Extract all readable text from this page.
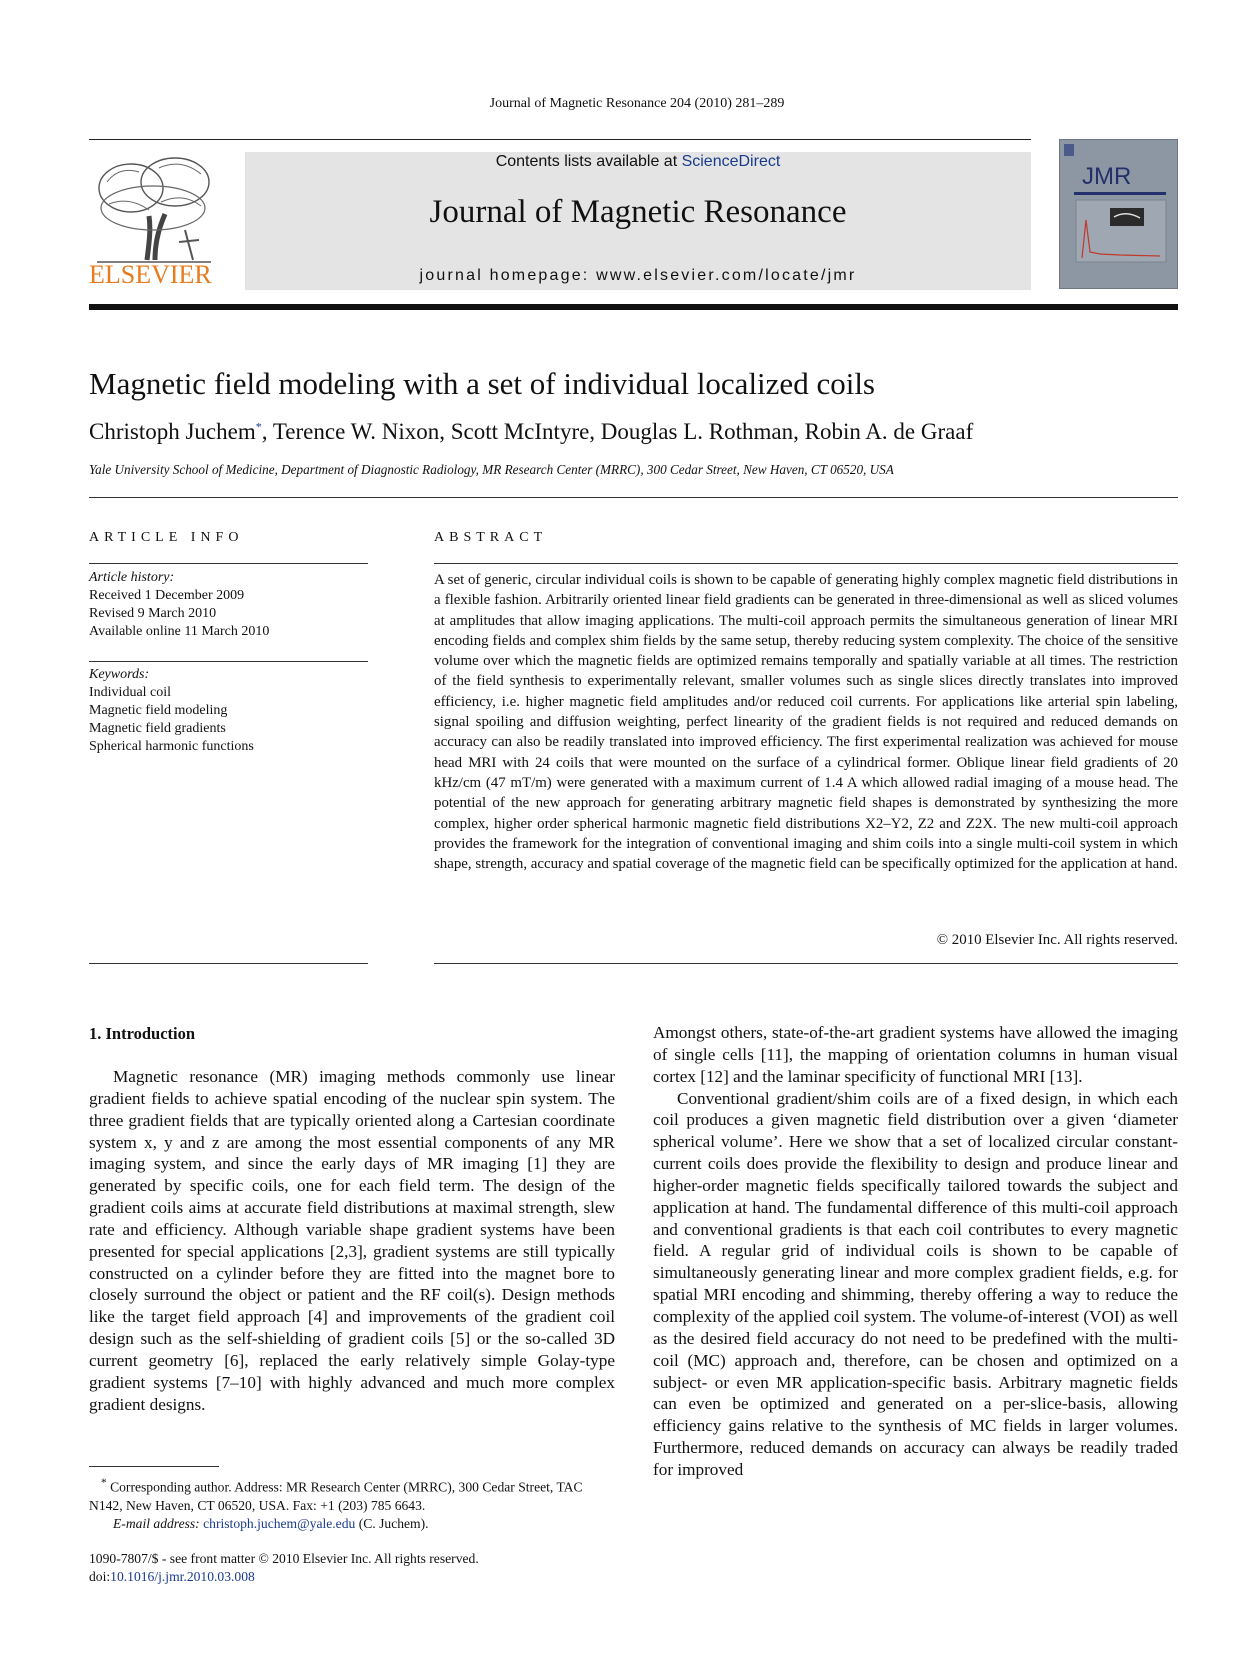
Journal of Magnetic Resonance 204 (2010) 281–289
ELSEVIER
Contents lists available at ScienceDirect
Journal of Magnetic Resonance
journal homepage: www.elsevier.com/locate/jmr
JMR
Magnetic field modeling with a set of individual localized coils
Christoph Juchem*, Terence W. Nixon, Scott McIntyre, Douglas L. Rothman, Robin A. de Graaf
Yale University School of Medicine, Department of Diagnostic Radiology, MR Research Center (MRRC), 300 Cedar Street, New Haven, CT 06520, USA
ARTICLE INFO
Article history:
Received 1 December 2009
Revised 9 March 2010
Available online 11 March 2010
Keywords:
Individual coil
Magnetic field modeling
Magnetic field gradients
Spherical harmonic functions
ABSTRACT
A set of generic, circular individual coils is shown to be capable of generating highly complex magnetic field distributions in a flexible fashion. Arbitrarily oriented linear field gradients can be generated in three-dimensional as well as sliced volumes at amplitudes that allow imaging applications. The multi-coil approach permits the simultaneous generation of linear MRI encoding fields and complex shim fields by the same setup, thereby reducing system complexity. The choice of the sensitive volume over which the magnetic fields are optimized remains temporally and spatially variable at all times. The restriction of the field synthesis to experimentally relevant, smaller volumes such as single slices directly translates into improved efficiency, i.e. higher magnetic field amplitudes and/or reduced coil currents. For applications like arterial spin labeling, signal spoiling and diffusion weighting, perfect linearity of the gradient fields is not required and reduced demands on accuracy can also be readily translated into improved efficiency. The first experimental realization was achieved for mouse head MRI with 24 coils that were mounted on the surface of a cylindrical former. Oblique linear field gradients of 20 kHz/cm (47 mT/m) were generated with a maximum current of 1.4 A which allowed radial imaging of a mouse head. The potential of the new approach for generating arbitrary magnetic field shapes is demonstrated by synthesizing the more complex, higher order spherical harmonic magnetic field distributions X2–Y2, Z2 and Z2X. The new multi-coil approach provides the framework for the integration of conventional imaging and shim coils into a single multi-coil system in which shape, strength, accuracy and spatial coverage of the magnetic field can be specifically optimized for the application at hand.
© 2010 Elsevier Inc. All rights reserved.
1. Introduction

Magnetic resonance (MR) imaging methods commonly use linear gradient fields to achieve spatial encoding of the nuclear spin system. The three gradient fields that are typically oriented along a Cartesian coordinate system x, y and z are among the most essential components of any MR imaging system, and since the early days of MR imaging [1] they are generated by specific coils, one for each field term. The design of the gradient coils aims at accurate field distributions at maximal strength, slew rate and efficiency. Although variable shape gradient systems have been presented for special applications [2,3], gradient systems are still typically constructed on a cylinder before they are fitted into the magnet bore to closely surround the object or patient and the RF coil(s). Design methods like the target field approach [4] and improvements of the gradient coil design such as the self-shielding of gradient coils [5] or the so-called 3D current geometry [6], replaced the early relatively simple Golay-type gradient systems [7–10] with highly advanced and much more complex gradient designs.

Amongst others, state-of-the-art gradient systems have allowed the imaging of single cells [11], the mapping of orientation columns in human visual cortex [12] and the laminar specificity of functional MRI [13].

Conventional gradient/shim coils are of a fixed design, in which each coil produces a given magnetic field distribution over a given ‘diameter spherical volume’. Here we show that a set of localized circular constant-current coils does provide the flexibility to design and produce linear and higher-order magnetic fields specifically tailored towards the subject and application at hand. The fundamental difference of this multi-coil approach and conventional gradients is that each coil contributes to every magnetic field. A regular grid of individual coils is shown to be capable of simultaneously generating linear and more complex gradient fields, e.g. for spatial MRI encoding and shimming, thereby offering a way to reduce the complexity of the applied coil system. The volume-of-interest (VOI) as well as the desired field accuracy do not need to be predefined with the multi-coil (MC) approach and, therefore, can be chosen and optimized on a subject- or even MR application-specific basis. Arbitrary magnetic fields can even be optimized and generated on a per-slice-basis, allowing efficiency gains relative to the synthesis of MC fields in larger volumes. Furthermore, reduced demands on accuracy can always be readily traded for improved

* Corresponding author. Address: MR Research Center (MRRC), 300 Cedar Street, TAC N142, New Haven, CT 06520, USA. Fax: +1 (203) 785 6643.
E-mail address: christoph.juchem@yale.edu (C. Juchem).
1090-7807/$ - see front matter © 2010 Elsevier Inc. All rights reserved.
doi:10.1016/j.jmr.2010.03.008
